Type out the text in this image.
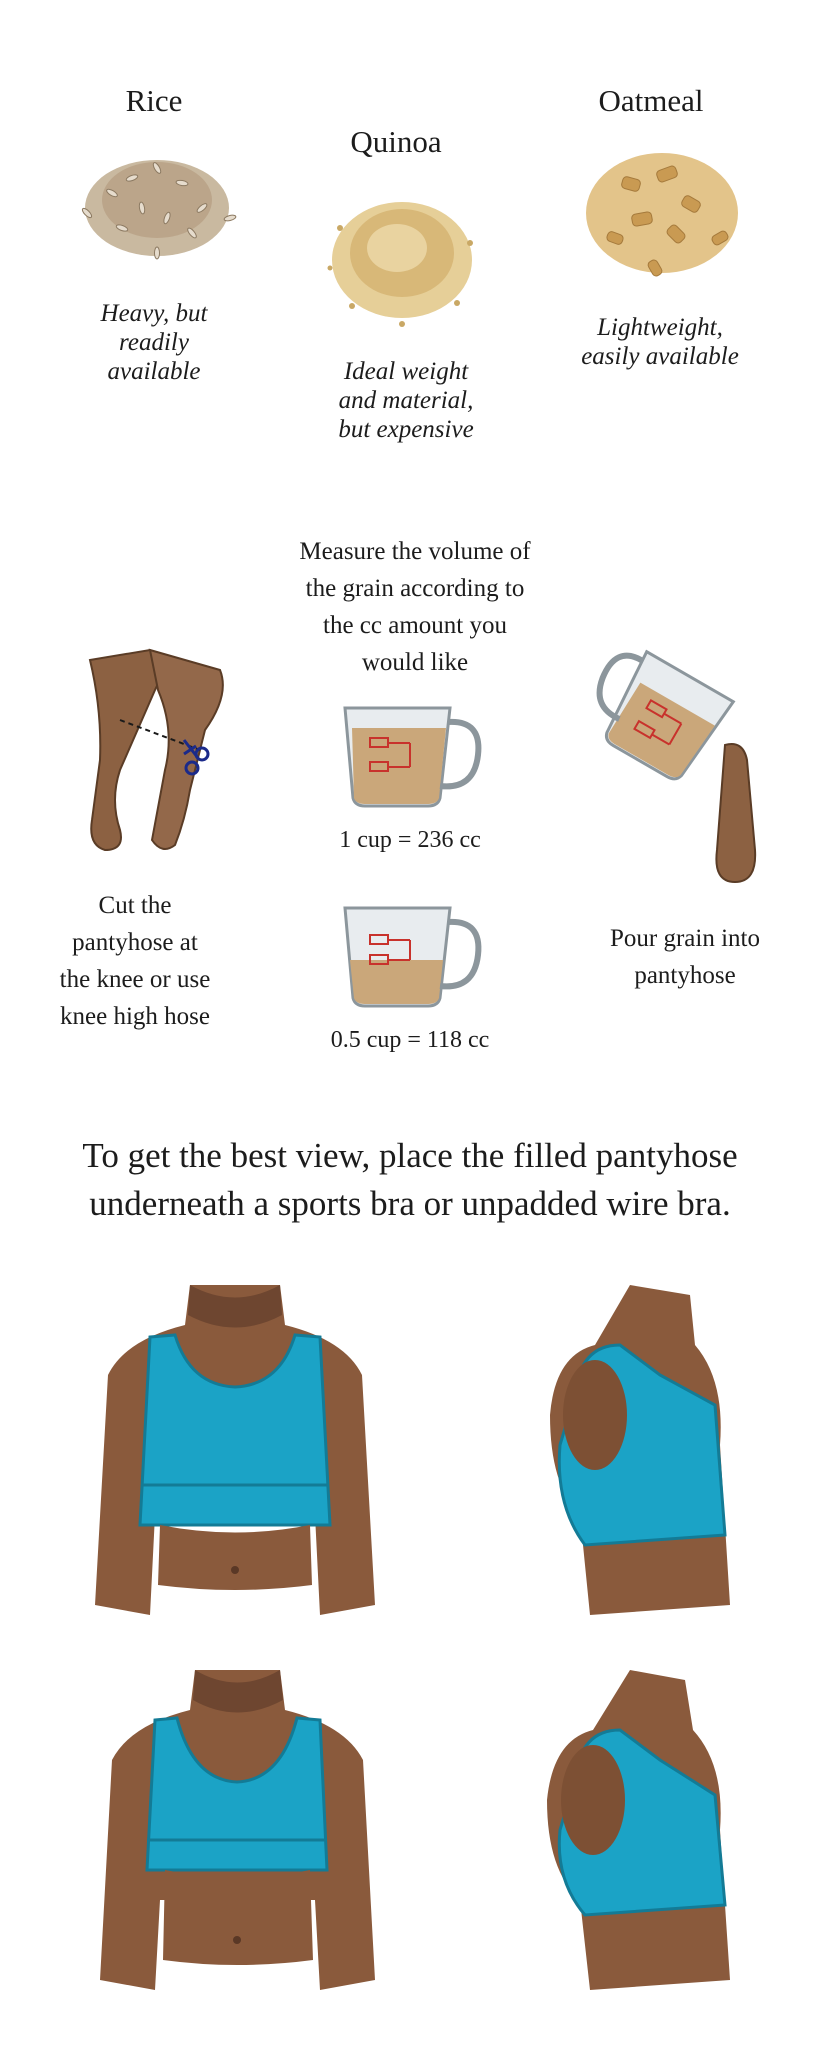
Rice
Quinoa
Oatmeal
Heavy, but
readily
available	Ideal weight
and material,
but expensive
Lightweight,
easily available
Measure the volume of
the grain according to
the cc amount you
would like
1 cup = 236 cc
0.5 cup = 118 cc
Cut the
pantyhose at
the knee or use
knee high hose
Pour grain into
pantyhose
To get the best view, place the filled pantyhose
underneath a sports bra or unpadded wire bra.
